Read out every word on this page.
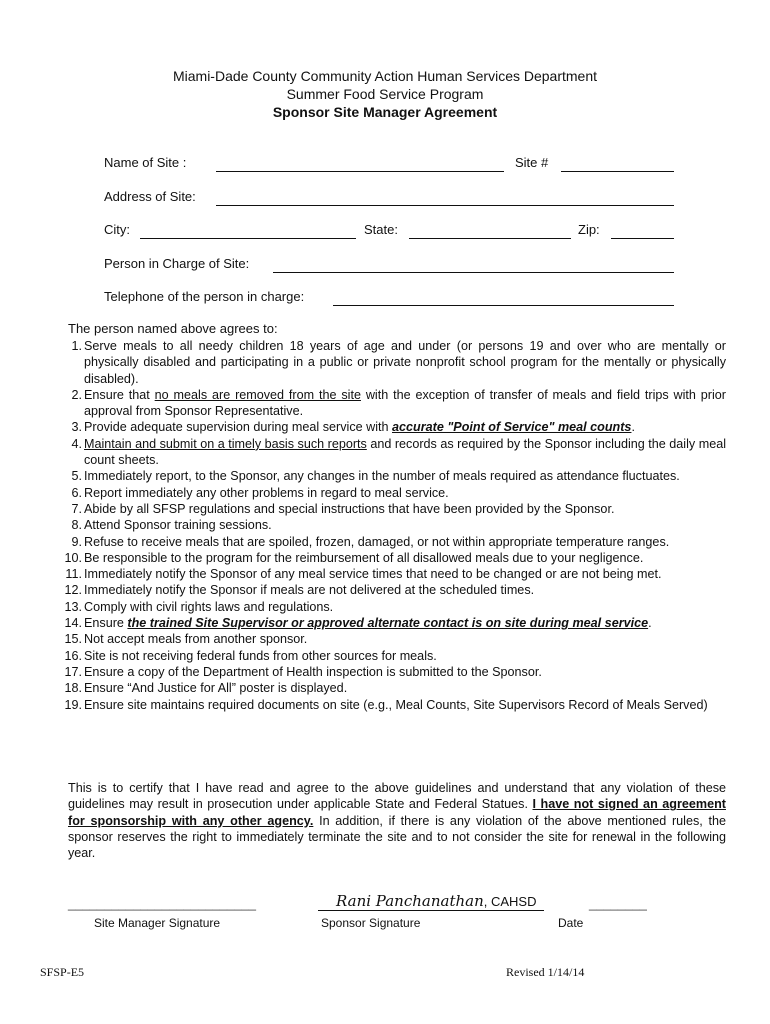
Miami-Dade County Community Action Human Services Department
Summer Food Service Program
Sponsor Site Manager Agreement
Name of Site :	Site #
Address of Site:
City:	State:	Zip:
Person in Charge of Site:
Telephone of the person in charge:
The person named above agrees to:
1. Serve meals to all needy children 18 years of age and under (or persons 19 and over who are mentally or physically disabled and participating in a public or private nonprofit school program for the mentally or physically disabled).
2. Ensure that no meals are removed from the site with the exception of transfer of meals and field trips with prior approval from Sponsor Representative.
3. Provide adequate supervision during meal service with accurate "Point of Service" meal counts.
4. Maintain and submit on a timely basis such reports and records as required by the Sponsor including the daily meal count sheets.
5. Immediately report, to the Sponsor, any changes in the number of meals required as attendance fluctuates.
6. Report immediately any other problems in regard to meal service.
7. Abide by all SFSP regulations and special instructions that have been provided by the Sponsor.
8. Attend Sponsor training sessions.
9. Refuse to receive meals that are spoiled, frozen, damaged, or not within appropriate temperature ranges.
10. Be responsible to the program for the reimbursement of all disallowed meals due to your negligence.
11. Immediately notify the Sponsor of any meal service times that need to be changed or are not being met.
12. Immediately notify the Sponsor if meals are not delivered at the scheduled times.
13. Comply with civil rights laws and regulations.
14. Ensure the trained Site Supervisor or approved alternate contact is on site during meal service.
15. Not accept meals from another sponsor.
16. Site is not receiving federal funds from other sources for meals.
17. Ensure a copy of the Department of Health inspection is submitted to the Sponsor.
18. Ensure “And Justice for All” poster is displayed.
19. Ensure site maintains required documents on site (e.g., Meal Counts, Site Supervisors Record of Meals Served)
This is to certify that I have read and agree to the above guidelines and understand that any violation of these guidelines may result in prosecution under applicable State and Federal Statues. I have not signed an agreement for sponsorship with any other agency. In addition, if there is any violation of the above mentioned rules, the sponsor reserves the right to immediately terminate the site and to not consider the site for renewal in the following year.
__________________________
Site Manager Signature
Rani Panchanathan, CAHSD
Sponsor Signature
________
Date
SFSP-E5	Revised 1/14/14
